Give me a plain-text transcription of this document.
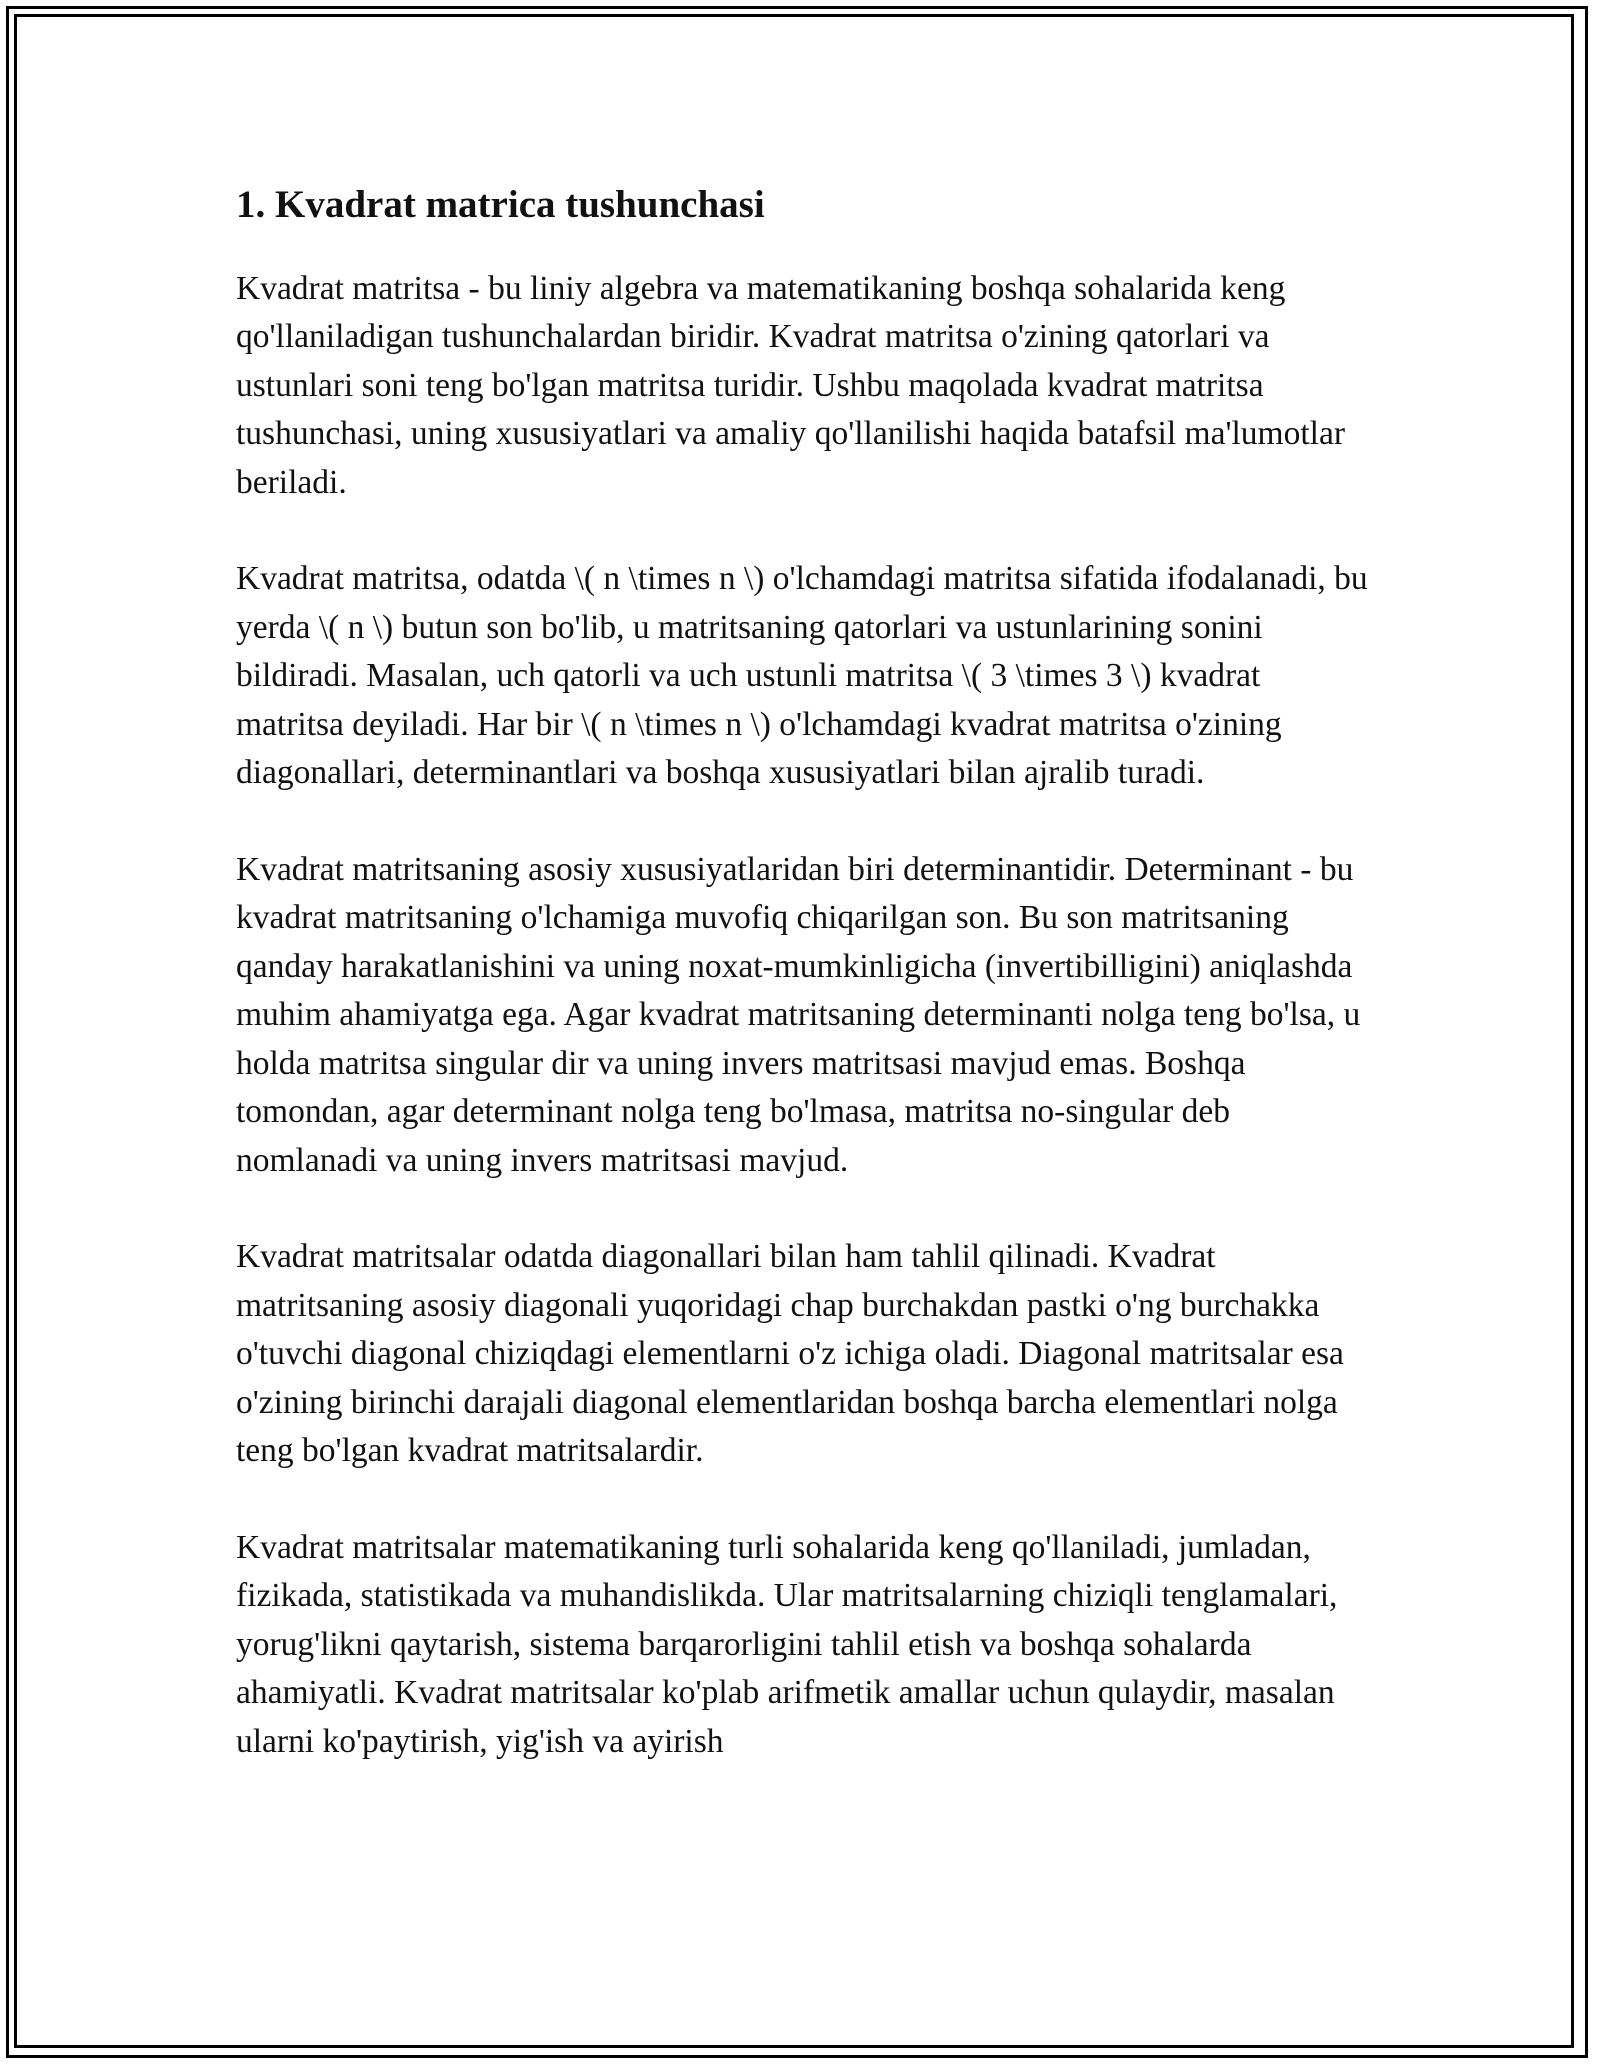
1. Kvadrat matrica tushunchasi

Kvadrat matritsa - bu liniy algebra va matematikaning boshqa sohalarida keng qo'llaniladigan tushunchalardan biridir. Kvadrat matritsa o'zining qatorlari va ustunlari soni teng bo'lgan matritsa turidir. Ushbu maqolada kvadrat matritsa tushunchasi, uning xususiyatlari va amaliy qo'llanilishi haqida batafsil ma'lumotlar beriladi.

Kvadrat matritsa, odatda \( n \times n \) o'lchamdagi matritsa sifatida ifodalanadi, bu yerda \( n \) butun son bo'lib, u matritsaning qatorlari va ustunlarining sonini bildiradi. Masalan, uch qatorli va uch ustunli matritsa \( 3 \times 3 \) kvadrat matritsa deyiladi. Har bir \( n \times n \) o'lchamdagi kvadrat matritsa o'zining diagonallari, determinantlari va boshqa xususiyatlari bilan ajralib turadi.

Kvadrat matritsaning asosiy xususiyatlaridan biri determinantidir. Determinant - bu kvadrat matritsaning o'lchamiga muvofiq chiqarilgan son. Bu son matritsaning qanday harakatlanishini va uning noxat-mumkinligicha (invertibilligini) aniqlashda muhim ahamiyatga ega. Agar kvadrat matritsaning determinanti nolga teng bo'lsa, u holda matritsa singular dir va uning invers matritsasi mavjud emas. Boshqa tomondan, agar determinant nolga teng bo'lmasa, matritsa no-singular deb nomlanadi va uning invers matritsasi mavjud.

Kvadrat matritsalar odatda diagonallari bilan ham tahlil qilinadi. Kvadrat matritsaning asosiy diagonali yuqoridagi chap burchakdan pastki o'ng burchakka o'tuvchi diagonal chiziqdagi elementlarni o'z ichiga oladi. Diagonal matritsalar esa o'zining birinchi darajali diagonal elementlaridan boshqa barcha elementlari nolga teng bo'lgan kvadrat matritsalardir.

Kvadrat matritsalar matematikaning turli sohalarida keng qo'llaniladi, jumladan, fizikada, statistikada va muhandislikda. Ular matritsalarning chiziqli tenglamalari, yorug'likni qaytarish, sistema barqarorligini tahlil etish va boshqa sohalarda ahamiyatli. Kvadrat matritsalar ko'plab arifmetik amallar uchun qulaydir, masalan ularni ko'paytirish, yig'ish va ayirish
